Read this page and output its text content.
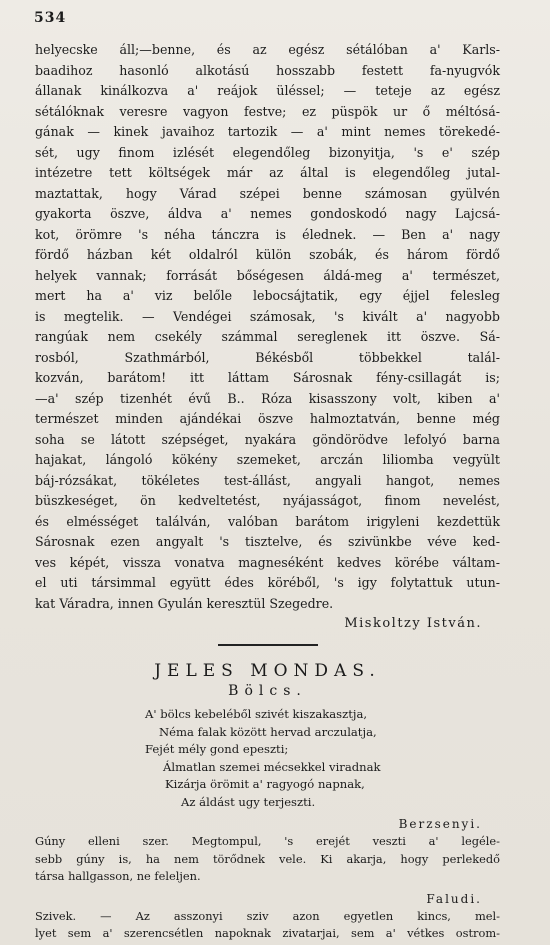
534
helyecske áll;—benne, és az egész sétálóban a' Karls-
baadihoz hasonló alkotású hosszabb festett fa-nyugvók
állanak kinálkozva a' reájok üléssel; — teteje az egész
sétálóknak veresre vagyon festve; ez püspök ur ő méltósá-
gának — kinek javaihoz tartozik — a' mint nemes törekedé-
sét, ugy finom izlését elegendőleg bizonyitja, 's e' szép
intézetre tett költségek már az által is elegendőleg jutal-
maztattak, hogy Várad szépei benne számosan gyülvén
gyakorta öszve, áldva a' nemes gondoskodó nagy Lajcsá-
kot, örömre 's néha tánczra is élednek. — Ben a' nagy
fördő házban két oldalról külön szobák, és három fördő
helyek vannak; forrását bőségesen áldá-meg a' természet,
mert ha a' viz belőle lebocsájtatik, egy éjjel felesleg
is megtelik. — Vendégei számosak, 's kivált a' nagyobb
rangúak nem csekély számmal sereglenek itt öszve. Sá-
rosból, Szathmárból, Békésből többekkel talál-
kozván, barátom! itt láttam Sárosnak fény-csillagát is;
—a' szép tizenhét évű B.. Róza kisasszony volt, kiben a'
természet minden ajándékai öszve halmoztatván, benne még
soha se látott szépséget, nyakára göndörödve lefolyó barna
hajakat, lángoló kökény szemeket, arczán liliomba vegyült
báj-rózsákat, tökéletes test-állást, angyali hangot, nemes
büszkeséget, ön kedveltetést, nyájasságot, finom nevelést,
és elmésséget találván, valóban barátom irigyleni kezdettük
Sárosnak ezen angyalt 's tisztelve, és szivünkbe véve ked-
ves képét, vissza vonatva magneséként kedves körébe váltam-
el uti társimmal együtt édes köréből, 's igy folytattuk utun-
kat Váradra, innen Gyulán keresztül Szegedre.

Miskoltzy István.

JELES MONDAS.

Bölcs.

A' bölcs kebeléből szivét kiszakasztja,
Néma falak között hervad arczulatja,
Fejét mély gond epeszti;
Álmatlan szemei mécsekkel viradnak
Kizárja örömit a' ragyogó napnak,
Az áldást ugy terjeszti.

Berzsenyi.

Gúny elleni szer. Megtompul, 's erejét veszti a' legéle-
sebb gúny is, ha nem törődnek vele. Ki akarja, hogy perlekedő
társa hallgasson, ne feleljen.

Faludi.

Szivek. — Az asszonyi sziv azon egyetlen kincs, mel-
lyet sem a' szerencsétlen napoknak zivatarjai, sem a' vétkes ostrom-
